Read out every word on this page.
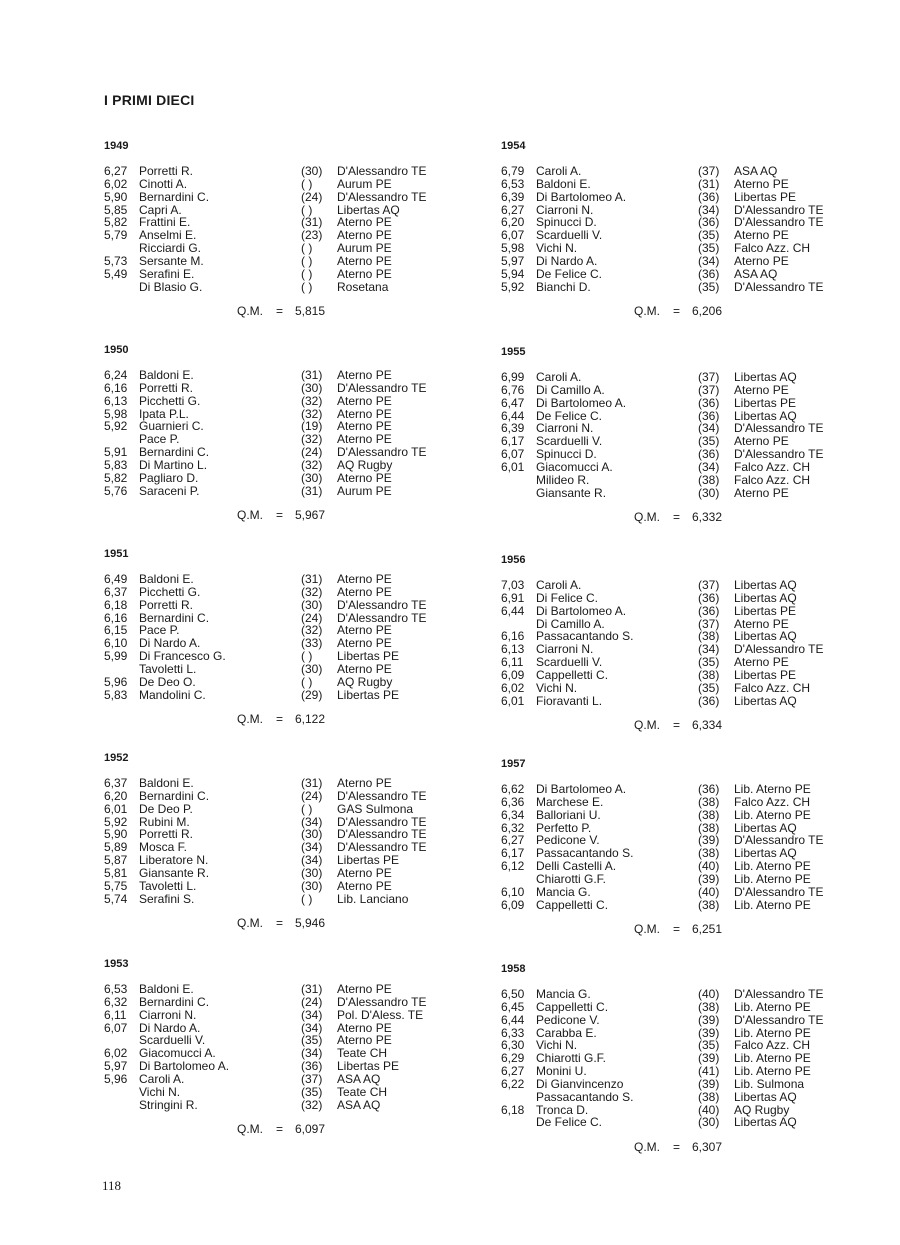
I PRIMI DIECI
1949
6,27 Porretti R.	(30) D'Alessandro TE
6,02 Cinotti A.	( ) Aurum PE
5,90 Bernardini C.	(24) D'Alessandro TE
5,85 Capri A.	( ) Libertas AQ
5,82 Frattini E.	(31) Aterno PE
5,79 Anselmi E.	(23) Aterno PE
Ricciardi G.	( ) Aurum PE
5,73 Sersante M.	( ) Aterno PE
5,49 Serafini E.	( ) Aterno PE
Di Blasio G.	( ) Rosetana
Q.M. = 5,815
1950
6,24 Baldoni E.	(31) Aterno PE
6,16 Porretti R.	(30) D'Alessandro TE
6,13 Picchetti G.	(32) Aterno PE
5,98 Ipata P.L.	(32) Aterno PE
5,92 Guarnieri C.	(19) Aterno PE
Pace P.	(32) Aterno PE
5,91 Bernardini C.	(24) D'Alessandro TE
5,83 Di Martino L.	(32) AQ Rugby
5,82 Pagliaro D.	(30) Aterno PE
5,76 Saraceni P.	(31) Aurum PE
Q.M. = 5,967
1951
6,49 Baldoni E.	(31) Aterno PE
6,37 Picchetti G.	(32) Aterno PE
6,18 Porretti R.	(30) D'Alessandro TE
6,16 Bernardini C.	(24) D'Alessandro TE
6,15 Pace P.	(32) Aterno PE
6,10 Di Nardo A.	(33) Aterno PE
5,99 Di Francesco G.	( ) Libertas PE
Tavoletti L.	(30) Aterno PE
5,96 De Deo O.	( ) AQ Rugby
5,83 Mandolini C.	(29) Libertas PE
Q.M. = 6,122
1952
6,37 Baldoni E.	(31) Aterno PE
6,20 Bernardini C.	(24) D'Alessandro TE
6,01 De Deo P.	( ) GAS Sulmona
5,92 Rubini M.	(34) D'Alessandro TE
5,90 Porretti R.	(30) D'Alessandro TE
5,89 Mosca F.	(34) D'Alessandro TE
5,87 Liberatore N.	(34) Libertas PE
5,81 Giansante R.	(30) Aterno PE
5,75 Tavoletti L.	(30) Aterno PE
5,74 Serafini S.	( ) Lib. Lanciano
Q.M. = 5,946
1953
6,53 Baldoni E.	(31) Aterno PE
6,32 Bernardini C.	(24) D'Alessandro TE
6,11 Ciarroni N.	(34) Pol. D'Aless. TE
6,07 Di Nardo A.	(34) Aterno PE
Scarduelli V.	(35) Aterno PE
6,02 Giacomucci A.	(34) Teate CH
5,97 Di Bartolomeo A.	(36) Libertas PE
5,96 Caroli A.	(37) ASA AQ
Vichi N.	(35) Teate CH
Stringini R.	(32) ASA AQ
Q.M. = 6,097
1954
6,79 Caroli A.	(37) ASA AQ
6,53 Baldoni E.	(31) Aterno PE
6,39 Di Bartolomeo A.	(36) Libertas PE
6,27 Ciarroni N.	(34) D'Alessandro TE
6,20 Spinucci D.	(36) D'Alessandro TE
6,07 Scarduelli V.	(35) Aterno PE
5,98 Vichi N.	(35) Falco Azz. CH
5,97 Di Nardo A.	(34) Aterno PE
5,94 De Felice C.	(36) ASA AQ
5,92 Bianchi D.	(35) D'Alessandro TE
Q.M. = 6,206
1955
6,99 Caroli A.	(37) Libertas AQ
6,76 Di Camillo A.	(37) Aterno PE
6,47 Di Bartolomeo A.	(36) Libertas PE
6,44 De Felice C.	(36) Libertas AQ
6,39 Ciarroni N.	(34) D'Alessandro TE
6,17 Scarduelli V.	(35) Aterno PE
6,07 Spinucci D.	(36) D'Alessandro TE
6,01 Giacomucci A.	(34) Falco Azz. CH
Milideo R.	(38) Falco Azz. CH
Giansante R.	(30) Aterno PE
Q.M. = 6,332
1956
7,03 Caroli A.	(37) Libertas AQ
6,91 Di Felice C.	(36) Libertas AQ
6,44 Di Bartolomeo A.	(36) Libertas PE
Di Camillo A.	(37) Aterno PE
6,16 Passacantando S.	(38) Libertas AQ
6,13 Ciarroni N.	(34) D'Alessandro TE
6,11 Scarduelli V.	(35) Aterno PE
6,09 Cappelletti C.	(38) Libertas PE
6,02 Vichi N.	(35) Falco Azz. CH
6,01 Fioravanti L.	(36) Libertas AQ
Q.M. = 6,334
1957
6,62 Di Bartolomeo A.	(36) Lib. Aterno PE
6,36 Marchese E.	(38) Falco Azz. CH
6,34 Balloriani U.	(38) Lib. Aterno PE
6,32 Perfetto P.	(38) Libertas AQ
6,27 Pedicone V.	(39) D'Alessandro TE
6,17 Passacantando S.	(38) Libertas AQ
6,12 Delli Castelli A.	(40) Lib. Aterno PE
Chiarotti G.F.	(39) Lib. Aterno PE
6,10 Mancia G.	(40) D'Alessandro TE
6,09 Cappelletti C.	(38) Lib. Aterno PE
Q.M. = 6,251
1958
6,50 Mancia G.	(40) D'Alessandro TE
6,45 Cappelletti C.	(38) Lib. Aterno PE
6,44 Pedicone V.	(39) D'Alessandro TE
6,33 Carabba E.	(39) Lib. Aterno PE
6,30 Vichi N.	(35) Falco Azz. CH
6,29 Chiarotti G.F.	(39) Lib. Aterno PE
6,27 Monini U.	(41) Lib. Aterno PE
6,22 Di Gianvincenzo	(39) Lib. Sulmona
Passacantando S.	(38) Libertas AQ
6,18 Tronca D.	(40) AQ Rugby
De Felice C.	(30) Libertas AQ
Q.M. = 6,307
118
